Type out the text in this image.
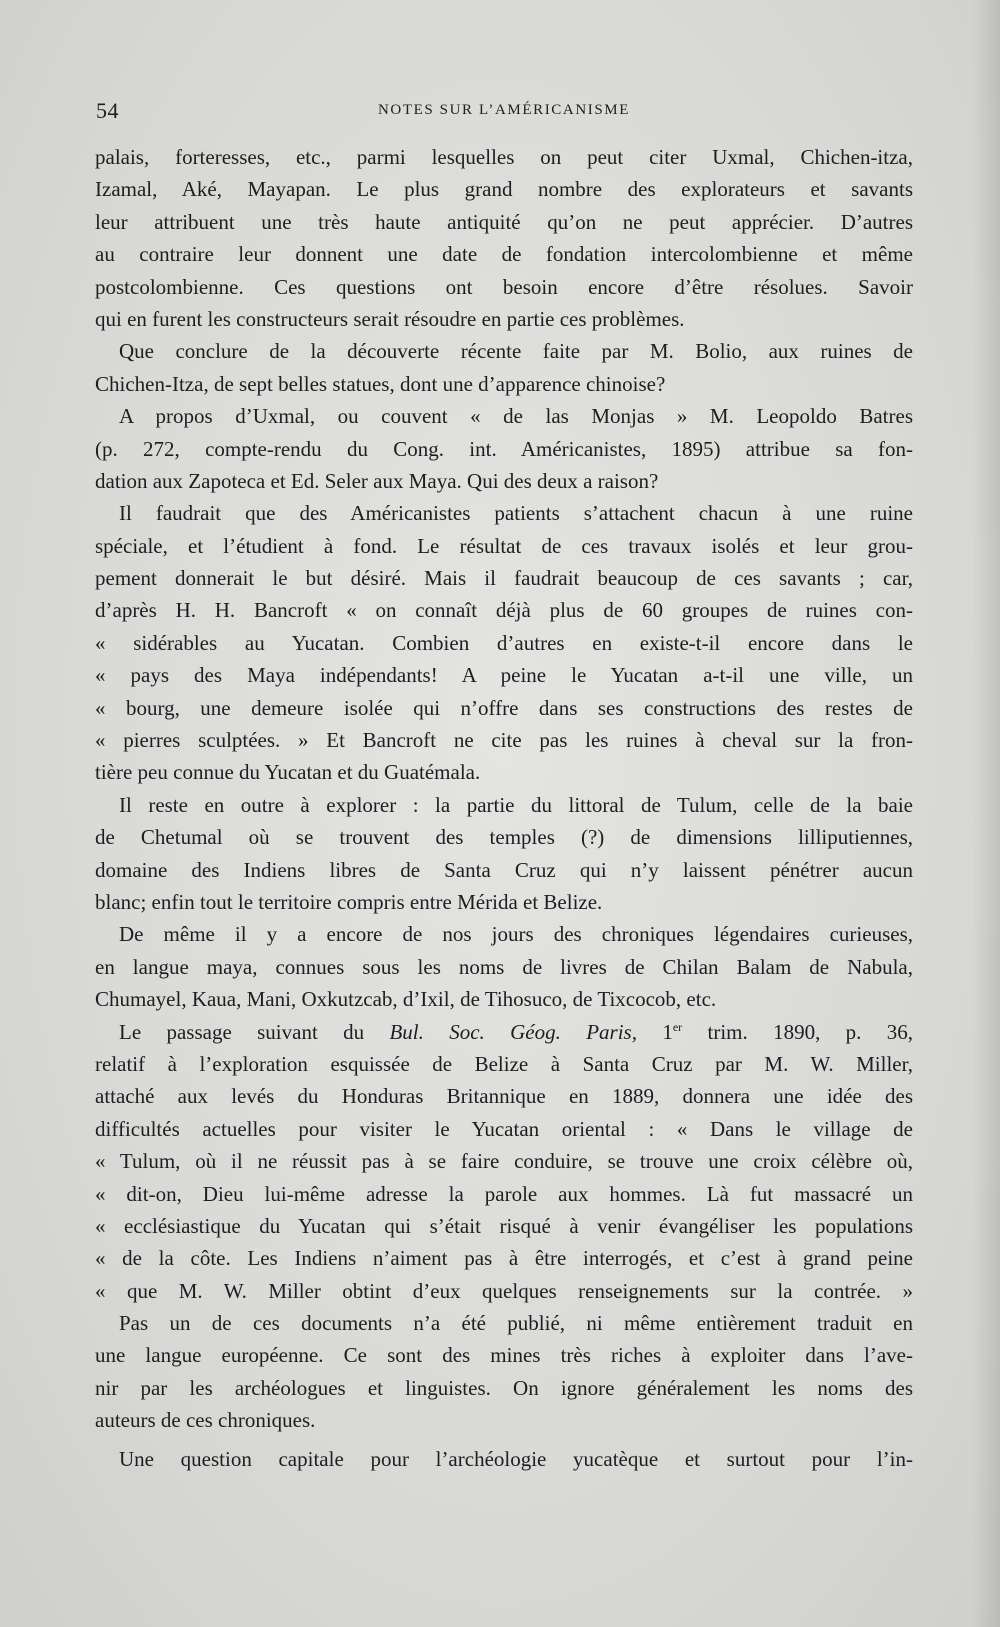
54	NOTES SUR L’AMÉRICANISME
palais, forteresses, etc., parmi lesquelles on peut citer Uxmal, Chichen-itza,
Izamal, Aké, Mayapan. Le plus grand nombre des explorateurs et savants
leur attribuent une très haute antiquité qu’on ne peut apprécier. D’autres
au contraire leur donnent une date de fondation intercolombienne et même
postcolombienne. Ces questions ont besoin encore d’être résolues. Savoir
qui en furent les constructeurs serait résoudre en partie ces problèmes.
Que conclure de la découverte récente faite par M. Bolio, aux ruines de
Chichen-Itza, de sept belles statues, dont une d’apparence chinoise?
A propos d’Uxmal, ou couvent « de las Monjas » M. Leopoldo Batres
(p. 272, compte-rendu du Cong. int. Américanistes, 1895) attribue sa fon-
dation aux Zapoteca et Ed. Seler aux Maya. Qui des deux a raison?
Il faudrait que des Américanistes patients s’attachent chacun à une ruine
spéciale, et l’étudient à fond. Le résultat de ces travaux isolés et leur grou-
pement donnerait le but désiré. Mais il faudrait beaucoup de ces savants ; car,
d’après H. H. Bancroft « on connaît déjà plus de 60 groupes de ruines con-
« sidérables au Yucatan. Combien d’autres en existe-t-il encore dans le
« pays des Maya indépendants! A peine le Yucatan a-t-il une ville, un
« bourg, une demeure isolée qui n’offre dans ses constructions des restes de
« pierres sculptées. » Et Bancroft ne cite pas les ruines à cheval sur la fron-
tière peu connue du Yucatan et du Guatémala.
Il reste en outre à explorer : la partie du littoral de Tulum, celle de la baie
de Chetumal où se trouvent des temples (?) de dimensions lilliputiennes,
domaine des Indiens libres de Santa Cruz qui n’y laissent pénétrer aucun
blanc; enfin tout le territoire compris entre Mérida et Belize.
De même il y a encore de nos jours des chroniques légendaires curieuses,
en langue maya, connues sous les noms de livres de Chilan Balam de Nabula,
Chumayel, Kaua, Mani, Oxkutzcab, d’Ixil, de Tihosuco, de Tixcocob, etc.
Le passage suivant du Bul. Soc. Géog. Paris, 1er trim. 1890, p. 36,
relatif à l’exploration esquissée de Belize à Santa Cruz par M. W. Miller,
attaché aux levés du Honduras Britannique en 1889, donnera une idée des
difficultés actuelles pour visiter le Yucatan oriental : « Dans le village de
« Tulum, où il ne réussit pas à se faire conduire, se trouve une croix célèbre où,
« dit-on, Dieu lui-même adresse la parole aux hommes. Là fut massacré un
« ecclésiastique du Yucatan qui s’était risqué à venir évangéliser les populations
« de la côte. Les Indiens n’aiment pas à être interrogés, et c’est à grand peine
« que M. W. Miller obtint d’eux quelques renseignements sur la contrée. »
Pas un de ces documents n’a été publié, ni même entièrement traduit en
une langue européenne. Ce sont des mines très riches à exploiter dans l’ave-
nir par les archéologues et linguistes. On ignore généralement les noms des
auteurs de ces chroniques.
Une question capitale pour l’archéologie yucatèque et surtout pour l’in-
